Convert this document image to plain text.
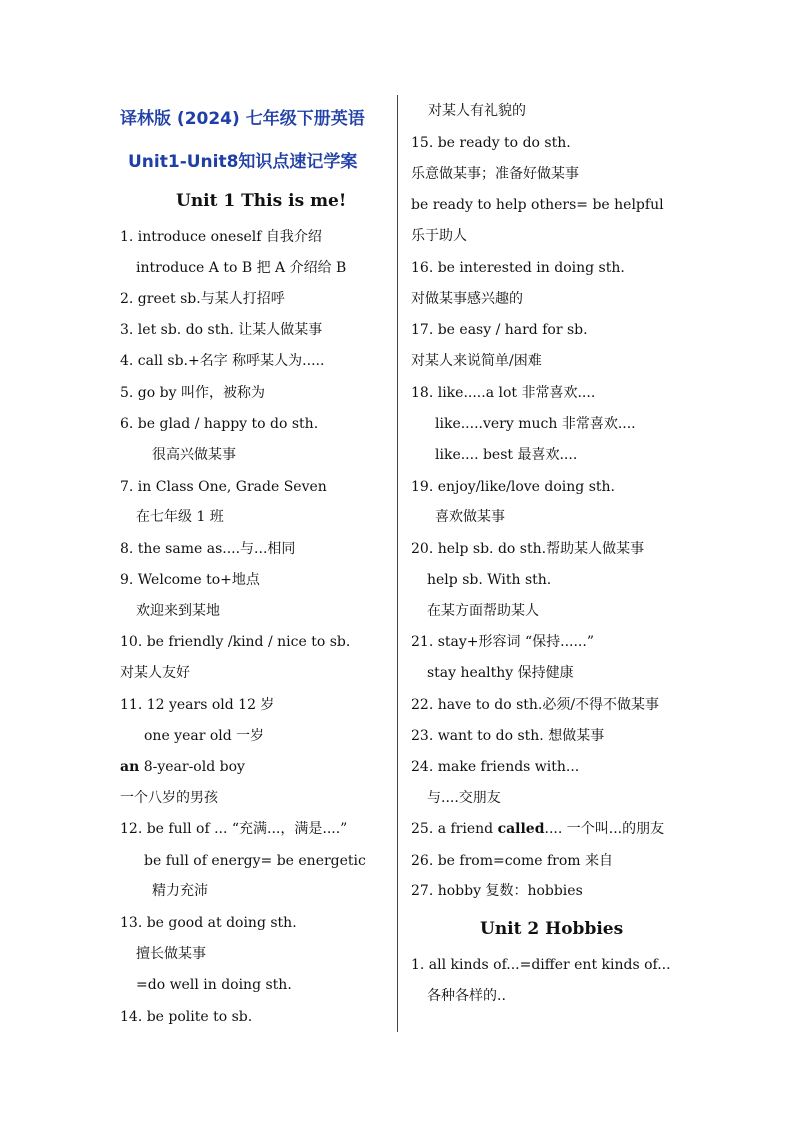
译林版 (2024) 七年级下册英语
Unit1-Unit8知识点速记学案
Unit 1 This is me!
1. introduce oneself 自我介绍
introduce A to B 把 A 介绍给 B
2. greet sb.与某人打招呼
3. let sb. do sth. 让某人做某事
4. call sb.+名字 称呼某人为.....
5. go by 叫作，被称为
6. be glad / happy to do sth.
很高兴做某事
7. in Class One, Grade Seven
在七年级 1 班
8. the same as....与...相同
9. Welcome to+地点
欢迎来到某地
10. be friendly /kind / nice to sb.
对某人友好
11. 12 years old 12 岁
one year old 一岁
an 8-year-old boy
一个八岁的男孩
12. be full of ... “充满...，满是....”
be full of energy= be energetic
精力充沛
13. be good at doing sth.
擅长做某事
=do well in doing sth.
14. be polite to sb.
对某人有礼貌的
15. be ready to do sth.
乐意做某事；准备好做某事
be ready to help others= be helpful
乐于助人
16. be interested in doing sth.
对做某事感兴趣的
17. be easy / hard for sb.
对某人来说简单/困难
18. like.....a lot 非常喜欢....
like.....very much 非常喜欢....
like.... best 最喜欢....
19. enjoy/like/love doing sth.
喜欢做某事
20. help sb. do sth.帮助某人做某事
help sb. With sth.
在某方面帮助某人
21. stay+形容词 “保持......”
stay healthy 保持健康
22. have to do sth.必须/不得不做某事
23. want to do sth. 想做某事
24. make friends with...
与....交朋友
25. a friend called.... 一个叫...的朋友
26. be from=come from 来自
27. hobby 复数：hobbies
Unit 2 Hobbies
1. all kinds of...=differ ent kinds of...
各种各样的..
